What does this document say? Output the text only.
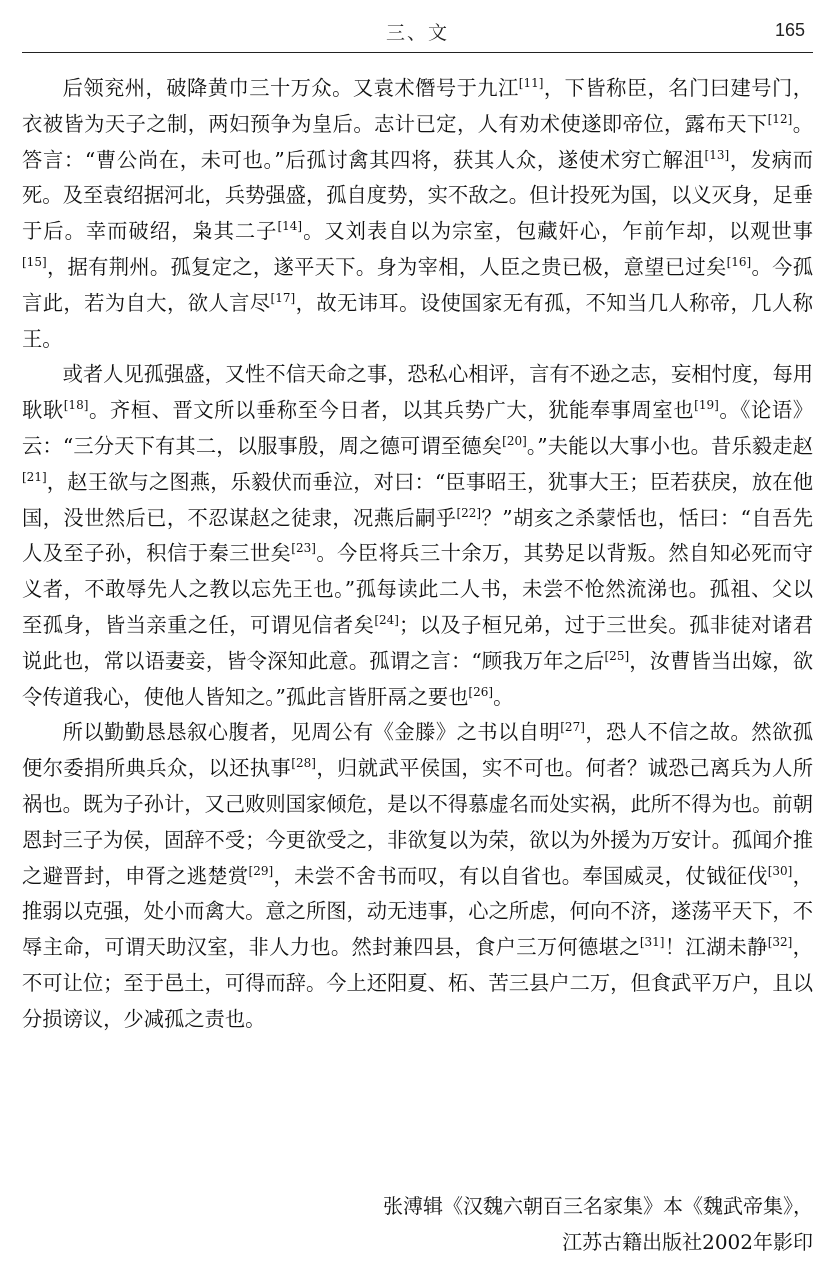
三、文	165

后领兖州，破降黄巾三十万众。又袁术僭号于九江[11]，下皆称臣，名门曰建号门，衣被皆为天子之制，两妇预争为皇后。志计已定，人有劝术使遂即帝位，露布天下[12]。答言：“曹公尚在，未可也。”后孤讨禽其四将，获其人众，遂使术穷亡解沮[13]，发病而死。及至袁绍据河北，兵势强盛，孤自度势，实不敌之。但计投死为国，以义灭身，足垂于后。幸而破绍，枭其二子[14]。又刘表自以为宗室，包藏奸心，乍前乍却，以观世事[15]，据有荆州。孤复定之，遂平天下。身为宰相，人臣之贵已极，意望已过矣[16]。今孤言此，若为自大，欲人言尽[17]，故无讳耳。设使国家无有孤，不知当几人称帝，几人称王。

或者人见孤强盛，又性不信天命之事，恐私心相评，言有不逊之志，妄相忖度，每用耿耿[18]。齐桓、晋文所以垂称至今日者，以其兵势广大，犹能奉事周室也[19]。《论语》云：“三分天下有其二，以服事殷，周之德可谓至德矣[20]。”夫能以大事小也。昔乐毅走赵[21]，赵王欲与之图燕，乐毅伏而垂泣，对曰：“臣事昭王，犹事大王；臣若获戾，放在他国，没世然后已，不忍谋赵之徒隶，况燕后嗣乎[22]？”胡亥之杀蒙恬也，恬曰：“自吾先人及至子孙，积信于秦三世矣[23]。今臣将兵三十余万，其势足以背叛。然自知必死而守义者，不敢辱先人之教以忘先王也。”孤每读此二人书，未尝不怆然流涕也。孤祖、父以至孤身，皆当亲重之任，可谓见信者矣[24]；以及子桓兄弟，过于三世矣。孤非徒对诸君说此也，常以语妻妾，皆令深知此意。孤谓之言：“顾我万年之后[25]，汝曹皆当出嫁，欲令传道我心，使他人皆知之。”孤此言皆肝鬲之要也[26]。

所以勤勤恳恳叙心腹者，见周公有《金滕》之书以自明[27]，恐人不信之故。然欲孤便尔委捐所典兵众，以还执事[28]，归就武平侯国，实不可也。何者？诚恐己离兵为人所祸也。既为子孙计，又己败则国家倾危，是以不得慕虚名而处实祸，此所不得为也。前朝恩封三子为侯，固辞不受；今更欲受之，非欲复以为荣，欲以为外援为万安计。孤闻介推之避晋封，申胥之逃楚赏[29]，未尝不舍书而叹，有以自省也。奉国威灵，仗钺征伐[30]，推弱以克强，处小而禽大。意之所图，动无违事，心之所虑，何向不济，遂荡平天下，不辱主命，可谓天助汉室，非人力也。然封兼四县，食户三万何德堪之[31]！江湖未静[32]，不可让位；至于邑土，可得而辞。今上还阳夏、柘、苦三县户二万，但食武平万户，且以分损谤议，少减孤之责也。

张溥辑《汉魏六朝百三名家集》本《魏武帝集》，
江苏古籍出版社2002年影印
